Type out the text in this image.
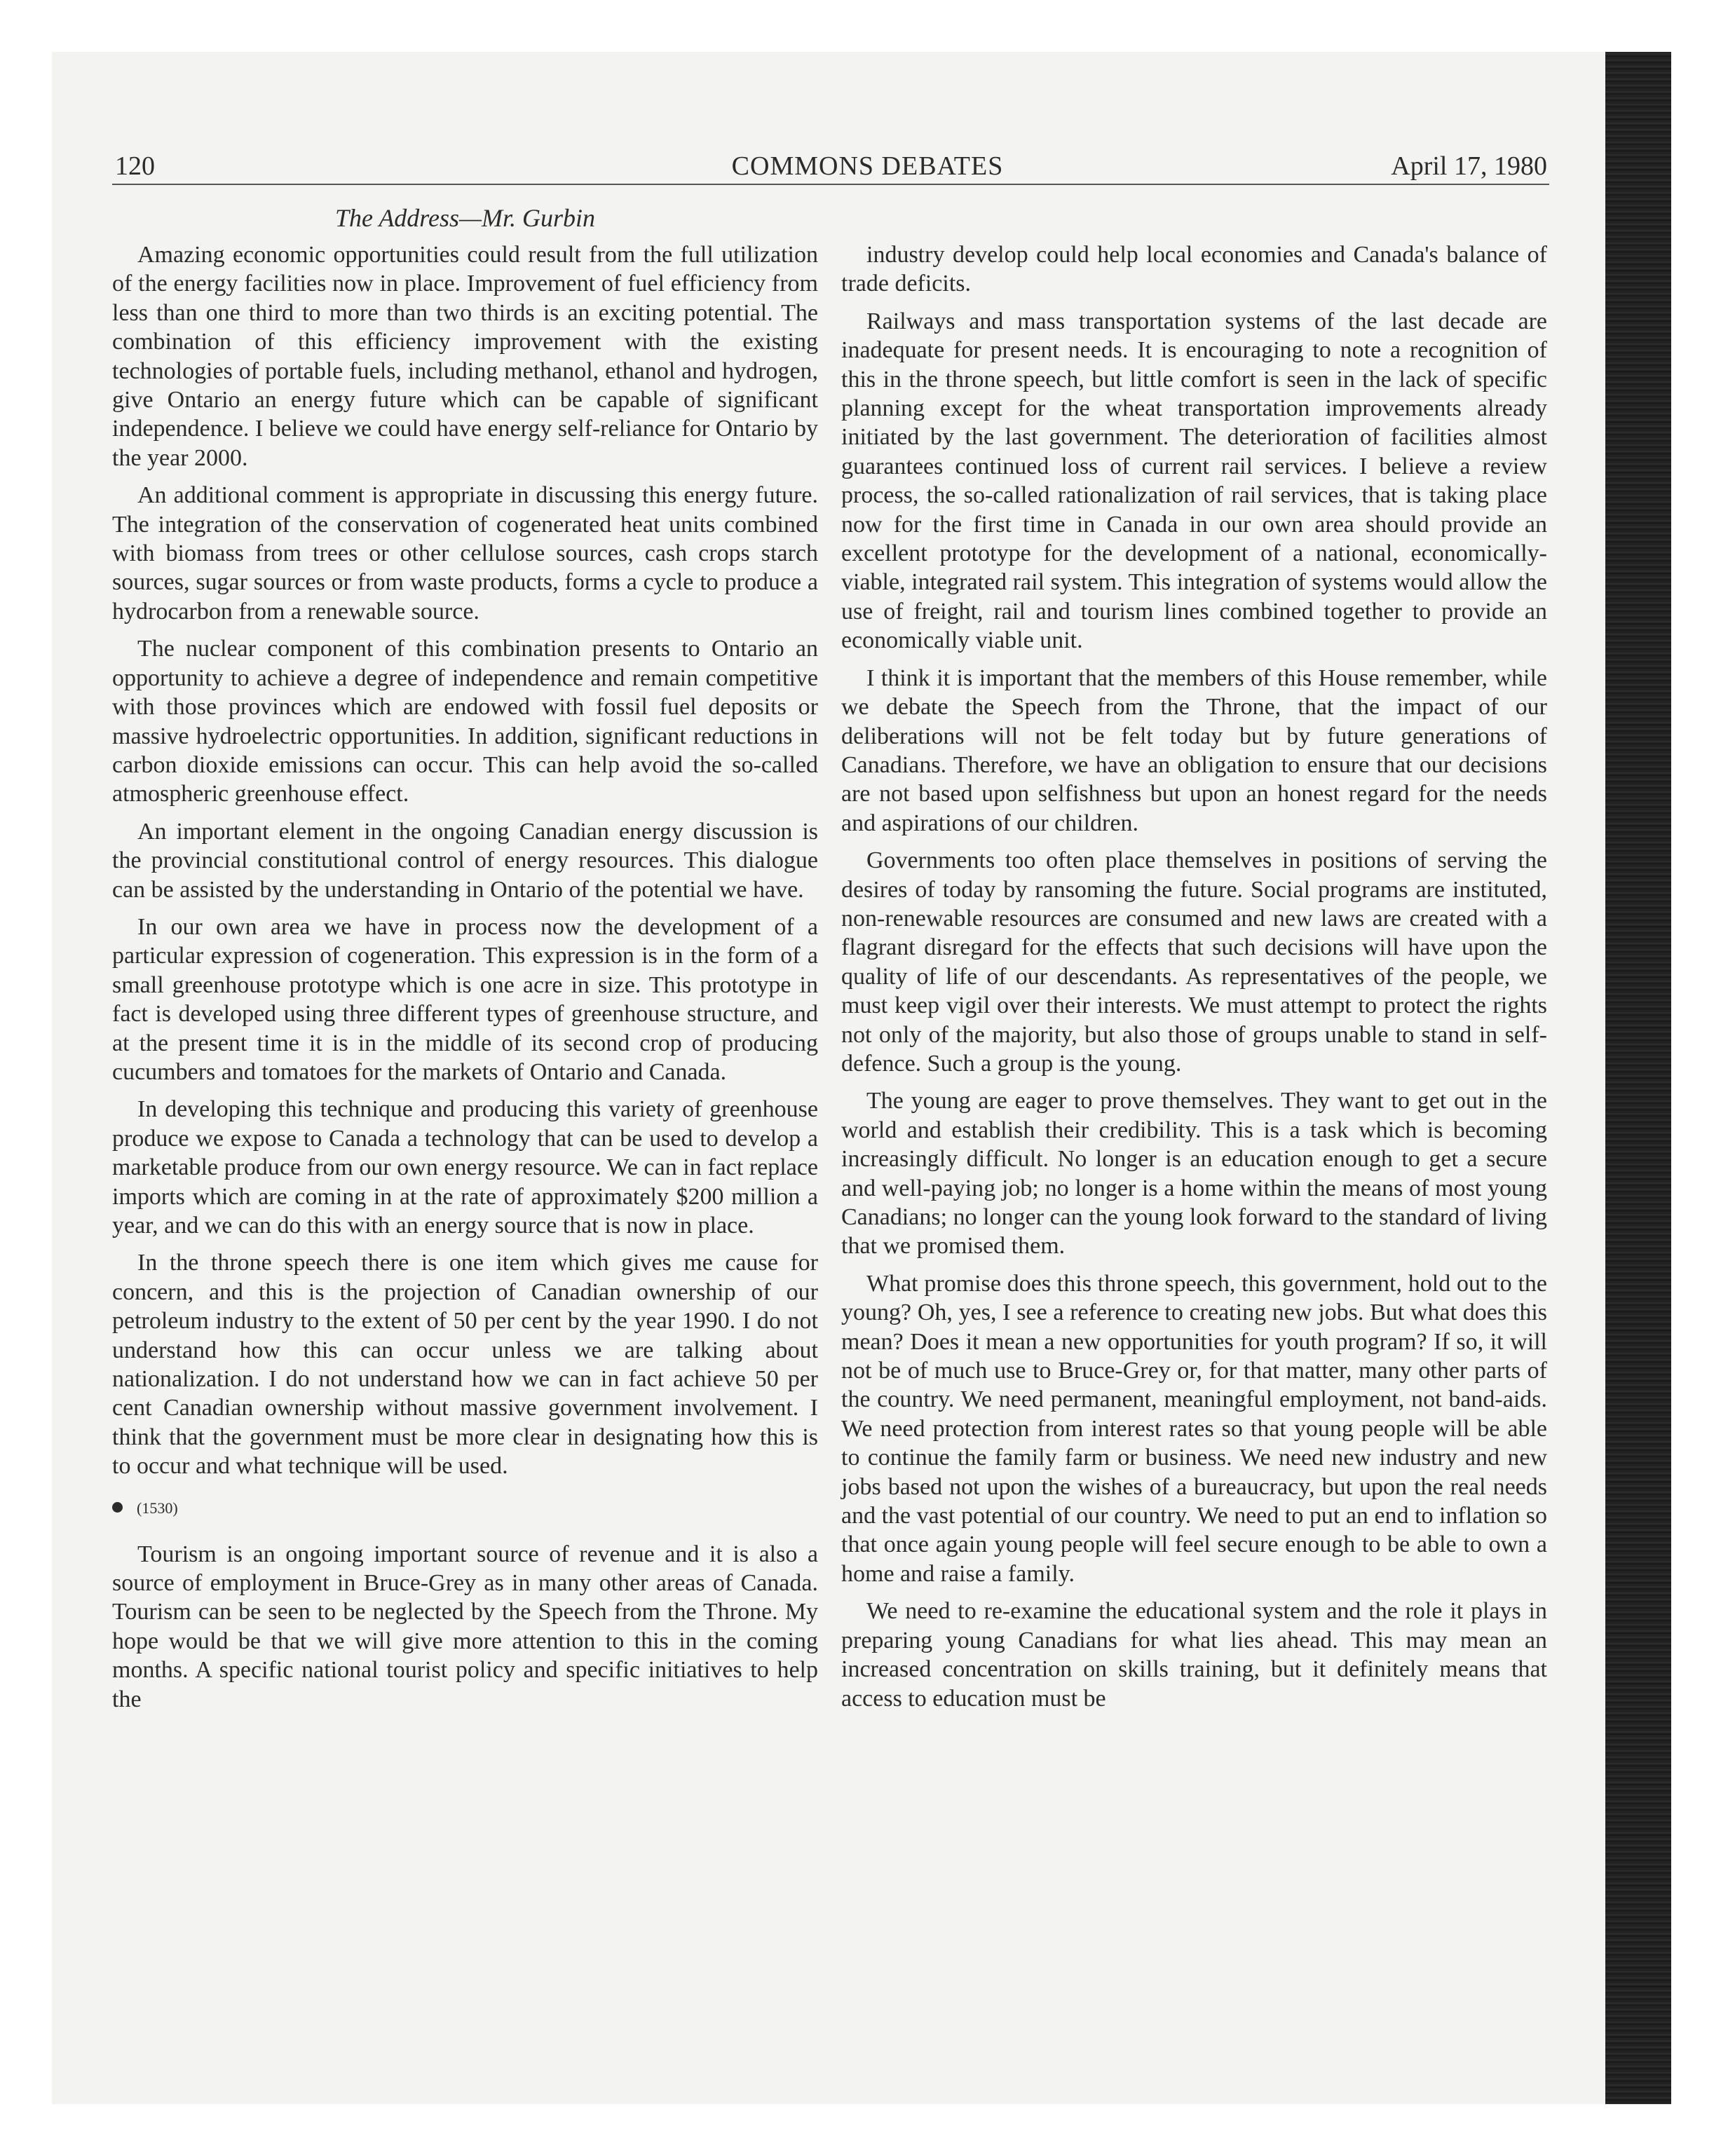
120	COMMONS DEBATES	April 17, 1980
The Address—Mr. Gurbin

Amazing economic opportunities could result from the full utilization of the energy facilities now in place. Improvement of fuel efficiency from less than one third to more than two thirds is an exciting potential. The combination of this efficiency improvement with the existing technologies of portable fuels, including methanol, ethanol and hydrogen, give Ontario an energy future which can be capable of significant independence. I believe we could have energy self-reliance for Ontario by the year 2000.

An additional comment is appropriate in discussing this energy future. The integration of the conservation of cogenerated heat units combined with biomass from trees or other cellulose sources, cash crops starch sources, sugar sources or from waste products, forms a cycle to produce a hydrocarbon from a renewable source.

The nuclear component of this combination presents to Ontario an opportunity to achieve a degree of independence and remain competitive with those provinces which are endowed with fossil fuel deposits or massive hydroelectric opportunities. In addition, significant reductions in carbon dioxide emissions can occur. This can help avoid the so-called atmospheric greenhouse effect.

An important element in the ongoing Canadian energy discussion is the provincial constitutional control of energy resources. This dialogue can be assisted by the understanding in Ontario of the potential we have.

In our own area we have in process now the development of a particular expression of cogeneration. This expression is in the form of a small greenhouse prototype which is one acre in size. This prototype in fact is developed using three different types of greenhouse structure, and at the present time it is in the middle of its second crop of producing cucumbers and tomatoes for the markets of Ontario and Canada.

In developing this technique and producing this variety of greenhouse produce we expose to Canada a technology that can be used to develop a marketable produce from our own energy resource. We can in fact replace imports which are coming in at the rate of approximately $200 million a year, and we can do this with an energy source that is now in place.

In the throne speech there is one item which gives me cause for concern, and this is the projection of Canadian ownership of our petroleum industry to the extent of 50 per cent by the year 1990. I do not understand how this can occur unless we are talking about nationalization. I do not understand how we can in fact achieve 50 per cent Canadian ownership without massive government involvement. I think that the government must be more clear in designating how this is to occur and what technique will be used.

(1530)

Tourism is an ongoing important source of revenue and it is also a source of employment in Bruce-Grey as in many other areas of Canada. Tourism can be seen to be neglected by the Speech from the Throne. My hope would be that we will give more attention to this in the coming months. A specific national tourist policy and specific initiatives to help the

industry develop could help local economies and Canada's balance of trade deficits.

Railways and mass transportation systems of the last decade are inadequate for present needs. It is encouraging to note a recognition of this in the throne speech, but little comfort is seen in the lack of specific planning except for the wheat transportation improvements already initiated by the last government. The deterioration of facilities almost guarantees continued loss of current rail services. I believe a review process, the so-called rationalization of rail services, that is taking place now for the first time in Canada in our own area should provide an excellent prototype for the development of a national, economically-viable, integrated rail system. This integration of systems would allow the use of freight, rail and tourism lines combined together to provide an economically viable unit.

I think it is important that the members of this House remember, while we debate the Speech from the Throne, that the impact of our deliberations will not be felt today but by future generations of Canadians. Therefore, we have an obligation to ensure that our decisions are not based upon selfishness but upon an honest regard for the needs and aspirations of our children.

Governments too often place themselves in positions of serving the desires of today by ransoming the future. Social programs are instituted, non-renewable resources are consumed and new laws are created with a flagrant disregard for the effects that such decisions will have upon the quality of life of our descendants. As representatives of the people, we must keep vigil over their interests. We must attempt to protect the rights not only of the majority, but also those of groups unable to stand in self-defence. Such a group is the young.

The young are eager to prove themselves. They want to get out in the world and establish their credibility. This is a task which is becoming increasingly difficult. No longer is an education enough to get a secure and well-paying job; no longer is a home within the means of most young Canadians; no longer can the young look forward to the standard of living that we promised them.

What promise does this throne speech, this government, hold out to the young? Oh, yes, I see a reference to creating new jobs. But what does this mean? Does it mean a new opportunities for youth program? If so, it will not be of much use to Bruce-Grey or, for that matter, many other parts of the country. We need permanent, meaningful employment, not band-aids. We need protection from interest rates so that young people will be able to continue the family farm or business. We need new industry and new jobs based not upon the wishes of a bureaucracy, but upon the real needs and the vast potential of our country. We need to put an end to inflation so that once again young people will feel secure enough to be able to own a home and raise a family.

We need to re-examine the educational system and the role it plays in preparing young Canadians for what lies ahead. This may mean an increased concentration on skills training, but it definitely means that access to education must be
